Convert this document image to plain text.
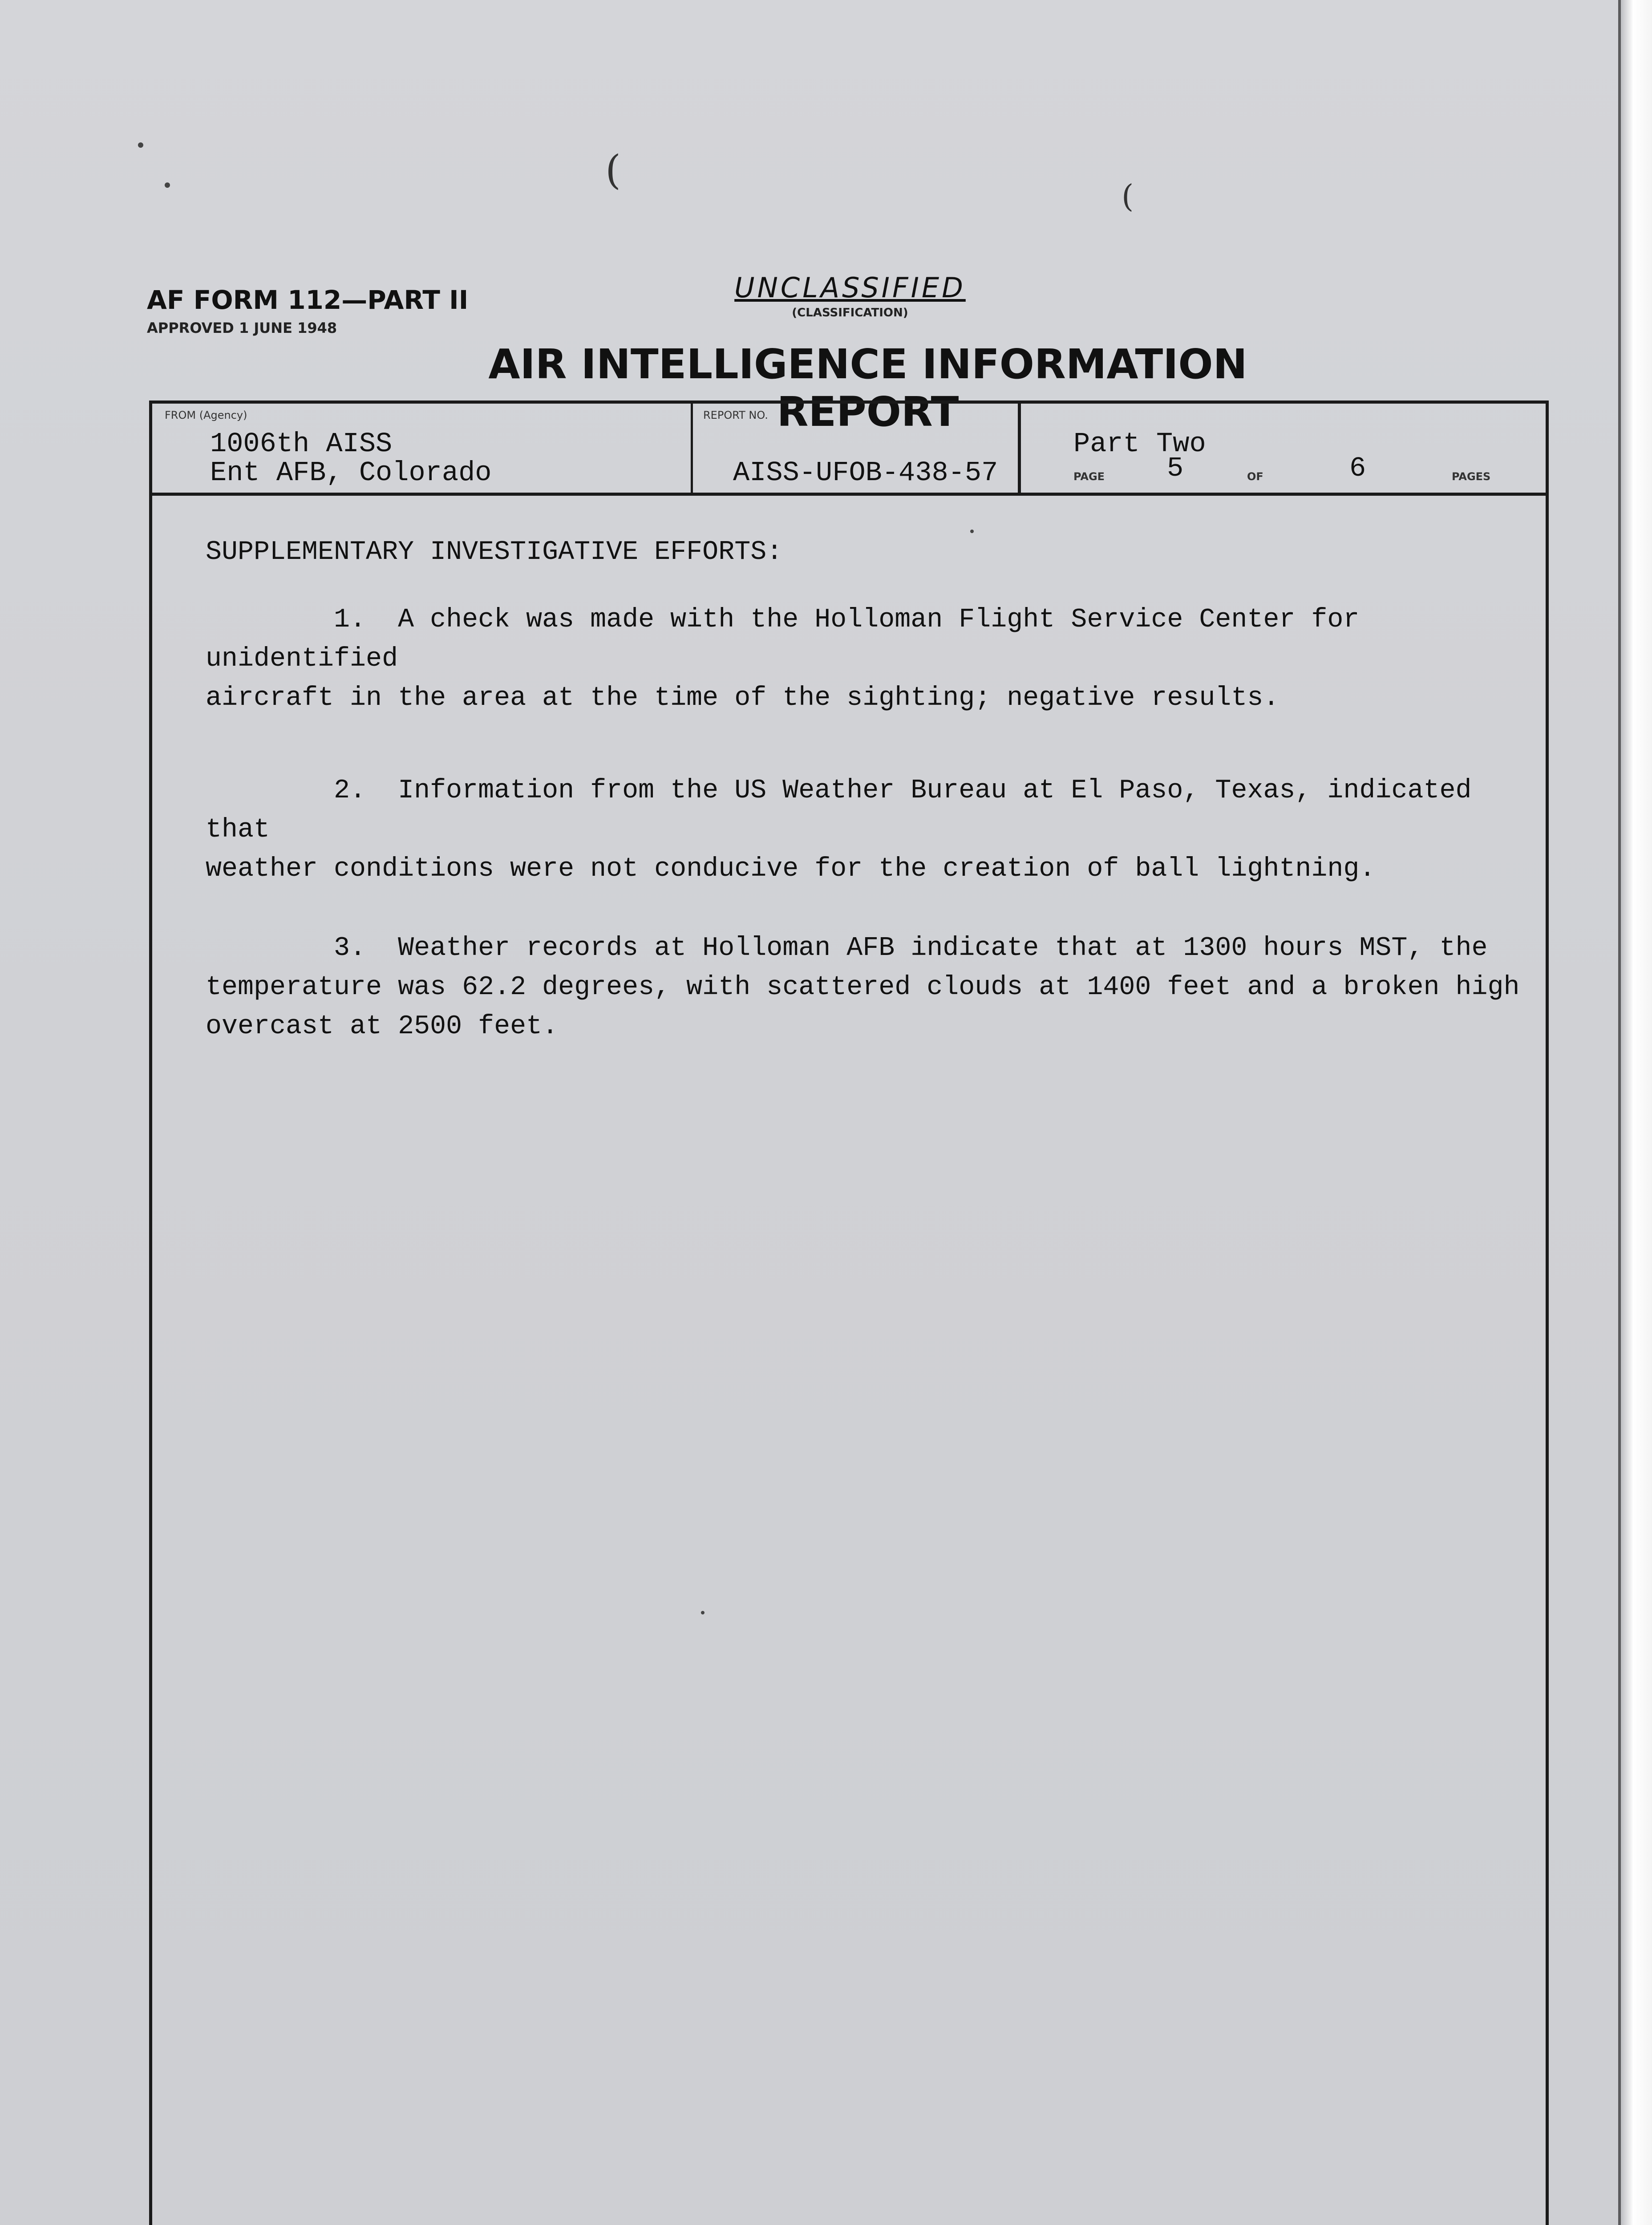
(
(
AF FORM 112—PART II
APPROVED 1 JUNE 1948
UNCLASSIFIED
(CLASSIFICATION)
AIR INTELLIGENCE INFORMATION REPORT
FROM (Agency)
1006th AISS
Ent AFB, Colorado
REPORT NO.
AISS-UFOB-438-57
Part Two
PAGE 5	OF	6	PAGES

SUPPLEMENTARY INVESTIGATIVE EFFORTS:

1.  A check was made with the Holloman Flight Service Center for unidentified
aircraft in the area at the time of the sighting; negative results.

2.  Information from the US Weather Bureau at El Paso, Texas, indicated that
weather conditions were not conducive for the creation of ball lightning.

3.  Weather records at Holloman AFB indicate that at 1300 hours MST, the
temperature was 62.2 degrees, with scattered clouds at 1400 feet and a broken high
overcast at 2500 feet.
